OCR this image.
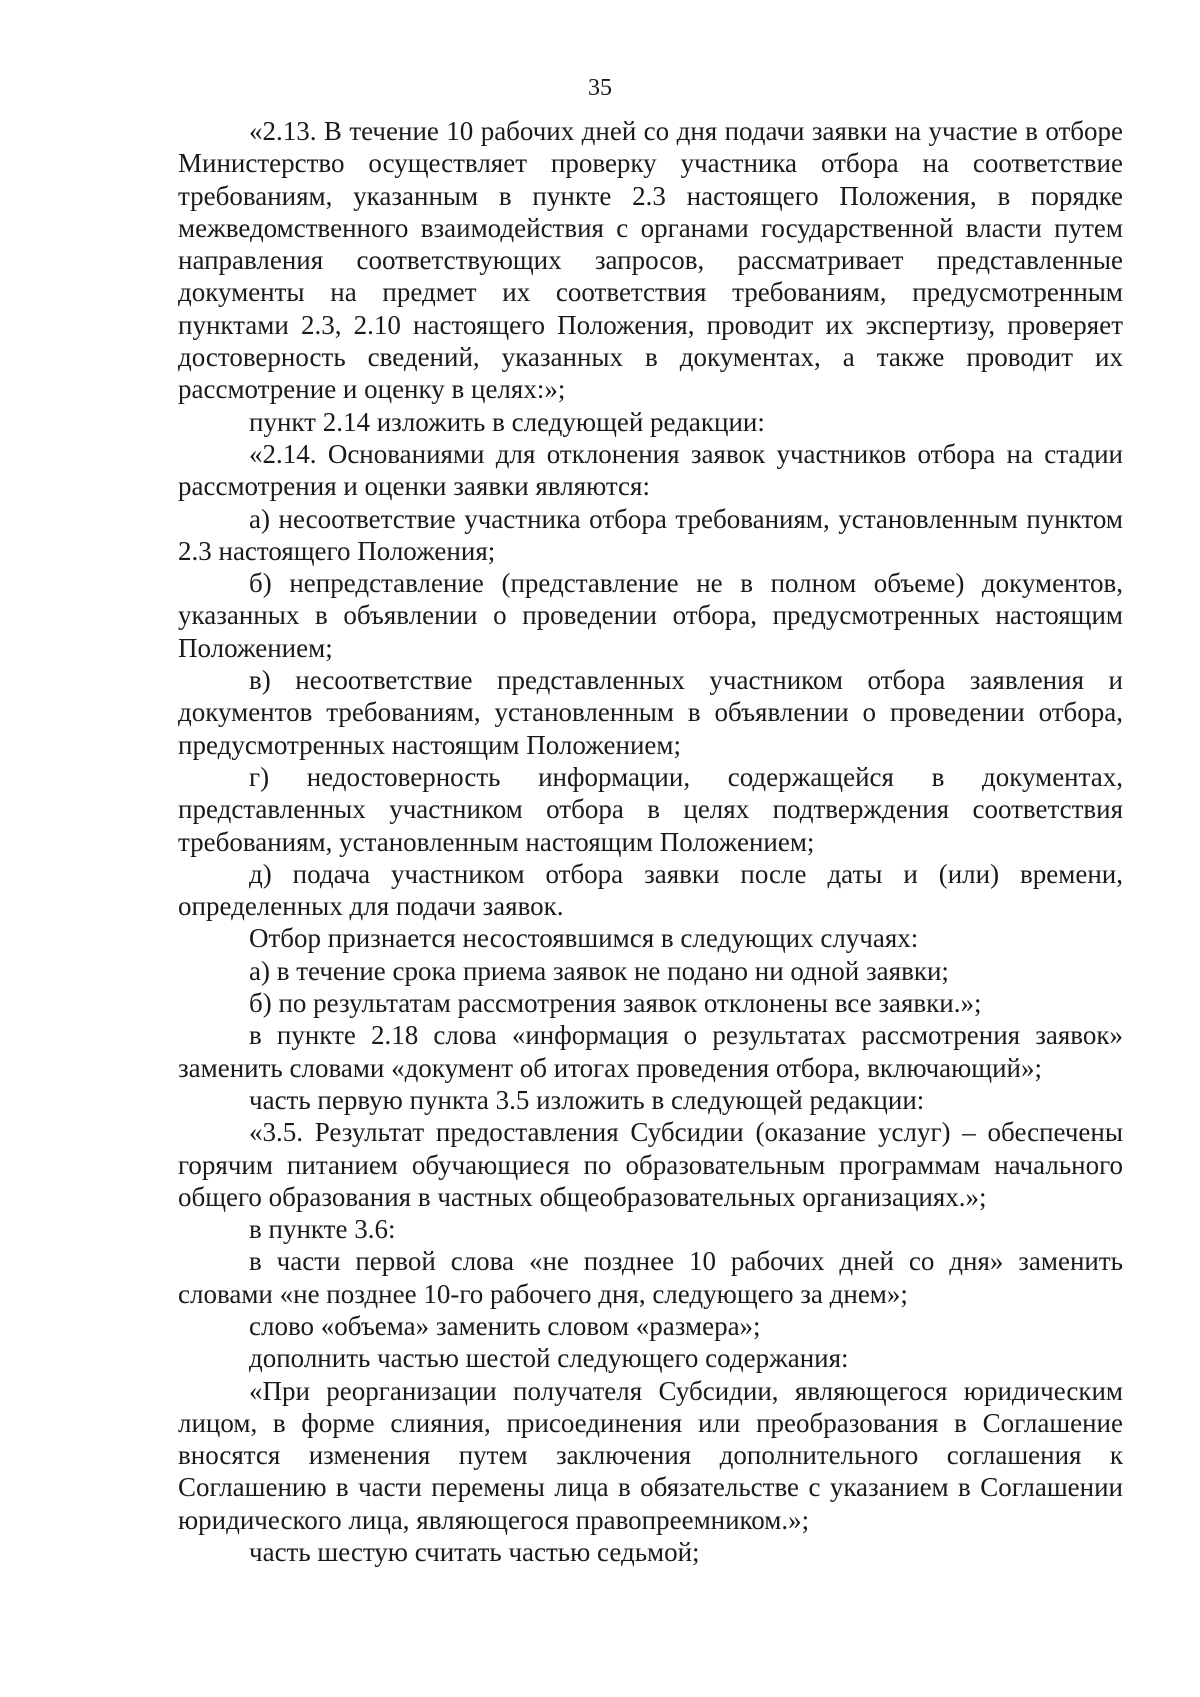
35

«2.13. В течение 10 рабочих дней со дня подачи заявки на участие в отборе Министерство осуществляет проверку участника отбора на соответствие требованиям, указанным в пункте 2.3 настоящего Положения, в порядке межведомственного взаимодействия с органами государственной власти путем направления соответствующих запросов, рассматривает представленные документы на предмет их соответствия требованиям, предусмотренным пунктами 2.3, 2.10 настоящего Положения, проводит их экспертизу, проверяет достоверность сведений, указанных в документах, а также проводит их рассмотрение и оценку в целях:»;

пункт 2.14 изложить в следующей редакции:

«2.14. Основаниями для отклонения заявок участников отбора на стадии рассмотрения и оценки заявки являются:

а) несоответствие участника отбора требованиям, установленным пунктом 2.3 настоящего Положения;

б) непредставление (представление не в полном объеме) документов, указанных в объявлении о проведении отбора, предусмотренных настоящим Положением;

в) несоответствие представленных участником отбора заявления и документов требованиям, установленным в объявлении о проведении отбора, предусмотренных настоящим Положением;

г) недостоверность информации, содержащейся в документах, представленных участником отбора в целях подтверждения соответствия требованиям, установленным настоящим Положением;

д) подача участником отбора заявки после даты и (или) времени, определенных для подачи заявок.

Отбор признается несостоявшимся в следующих случаях:

а) в течение срока приема заявок не подано ни одной заявки;

б) по результатам рассмотрения заявок отклонены все заявки.»;

в пункте 2.18 слова «информация о результатах рассмотрения заявок» заменить словами «документ об итогах проведения отбора, включающий»;

часть первую пункта 3.5 изложить в следующей редакции:

«3.5. Результат предоставления Субсидии (оказание услуг) – обеспечены горячим питанием обучающиеся по образовательным программам начального общего образования в частных общеобразовательных организациях.»;

в пункте 3.6:

в части первой слова «не позднее 10 рабочих дней со дня» заменить словами «не позднее 10-го рабочего дня, следующего за днем»;

слово «объема» заменить словом «размера»;

дополнить частью шестой следующего содержания:

«При реорганизации получателя Субсидии, являющегося юридическим лицом, в форме слияния, присоединения или преобразования в Соглашение вносятся изменения путем заключения дополнительного соглашения к Соглашению в части перемены лица в обязательстве с указанием в Соглашении юридического лица, являющегося правопреемником.»;

часть шестую считать частью седьмой;
